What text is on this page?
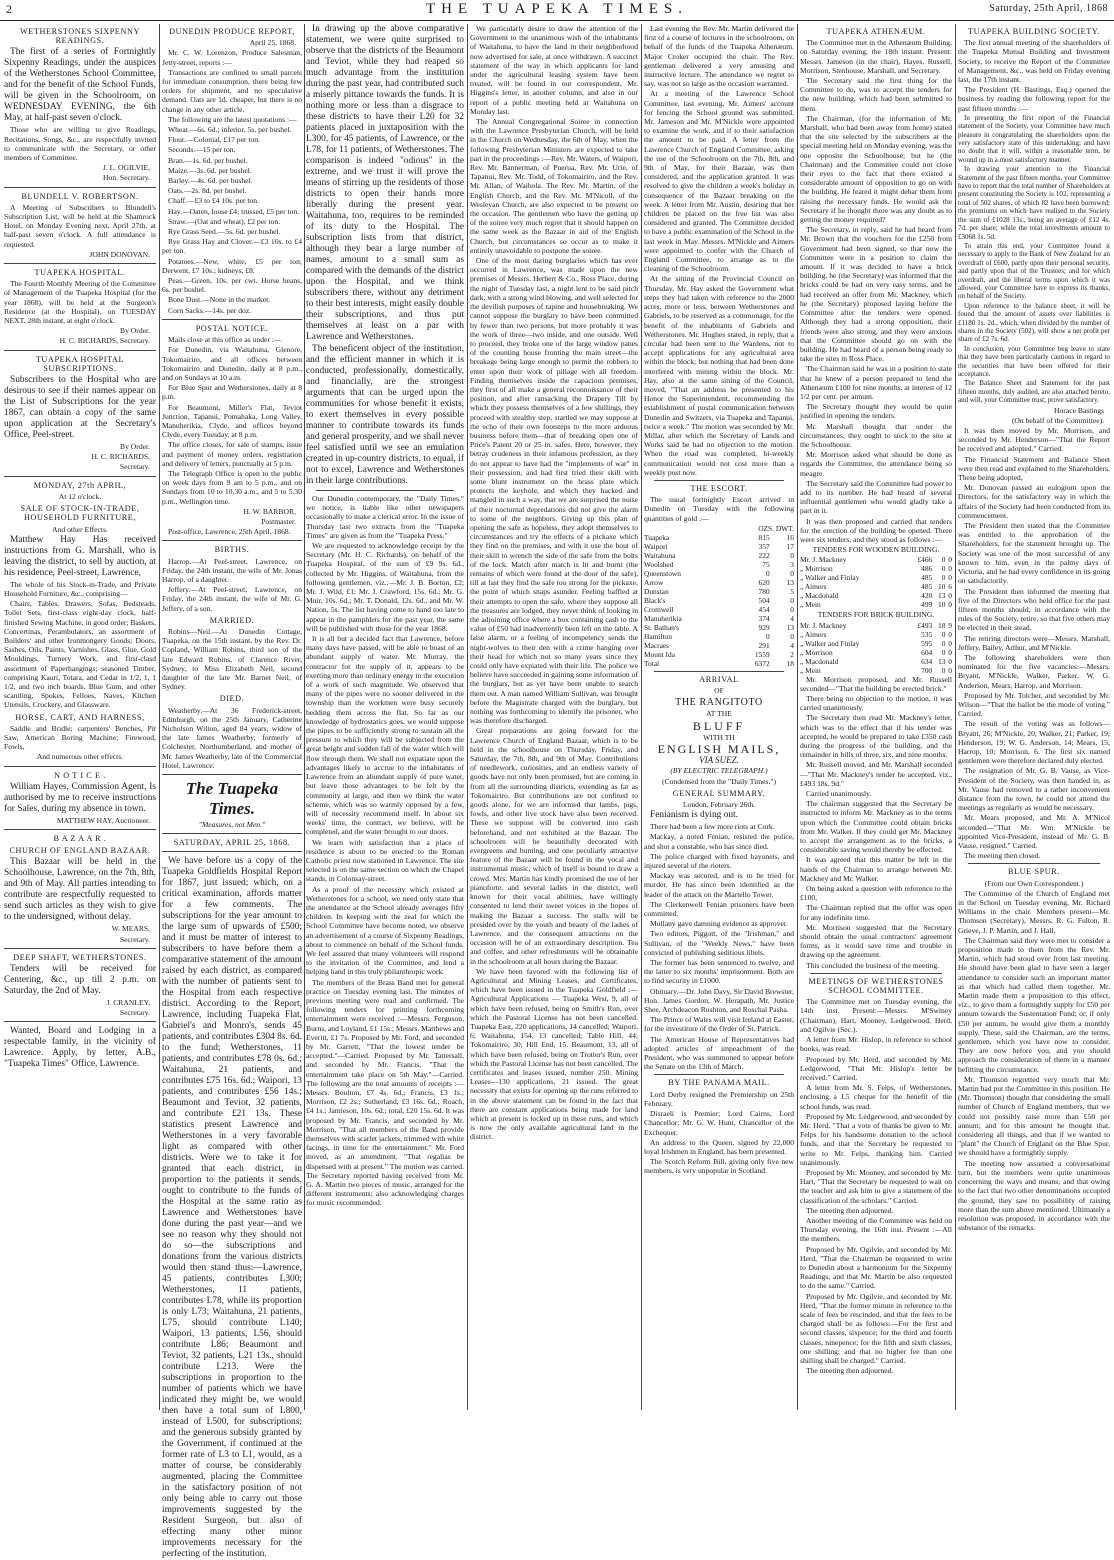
2	THE TUAPEKA TIMES.	Saturday, 25th April, 1868
WETHERSTONES SIXPENNY READINGS.

The first of a series of Fortnightly Sixpenny Readings, under the auspices of the Wetherstones School Committee, and for the benefit of the School Funds, will be given in the Schoolroom, on WEDNESDAY EVENING, the 6th May, at half-past seven o'clock.

Those who are willing to give Readings, Recitations, Songs, &c., are respectfully invited to communicate with the Secretary, or other members of Committee.

J. L. OGILVIE,
Hon. Secretary.
BLUNDELL V. ROBERTSON.

A Meeting of Subscribers to Blundell's Subscription List, will be held at the Shamrock Hotel, on Monday Evening next, April 27th, at half-past seven o'clock. A full attendance is requested.

JOHN DONOVAN.
TUAPEKA HOSPITAL.

The Fourth Monthly Meeting of the Committee of Management of the Tuapeka Hospital (for the year 1868), will be held at the Surgeon's Residence (at the Hospital), on TUESDAY NEXT, 28th instant, at eight o'clock.

By Order.
H. C. RICHARDS, Secretary.
TUAPEKA HOSPITAL SUBSCRIPTIONS.

Subscribers to the Hospital who are desirous to see if their names appear on the List of Subscriptions for the year 1867, can obtain a copy of the same upon application at the Secretary's Office, Peel-street.

By Order.
H. C. RICHARDS,
Secretary.
MONDAY, 27th APRIL,
At 12 o'clock.
SALE OF STOCK-IN-TRADE, HOUSEHOLD FURNITURE,
And other Effects.

Matthew Hay Has received instructions from G. Marshall, who is leaving the district, to sell by auction, at his residence, Peel-street, Lawrence,

The whole of his Stock-in-Trade, and Private Household Furniture, &c., comprising—

Chairs, Tables, Drawers, Sofas, Bedsteads, Toilet Sets, first-class eight-day clock, half-finished Sewing Machine, in good order; Baskets, Concertinas, Perambulators, an assortment of Builders' and other Ironmongery Goods; Doors, Sashes, Oils, Paints, Varnishes, Glass, Glue, Gold Mouldings, Turnery Work, and first-clasd assortment of Paperhangings; seasoned Timber, comprising Kauri, Totara, and Cedar in 1/2, 1, 1 1/2, and two inch boards, Blue Gum, and other scantling, Spokes, Felloes, Naves, Kitchen Utensils, Crockery, and Glassware.

HORSE, CART, AND HARNESS,

Saddle and Bridle; carpenters' Benches, Pit Saw, American Boring Machine; Firewood, Fowls,

And numerous other effects.
N O T I C E .

William Hayes, Commission Agent, Is authorised by me to receive instructions for Sales, during my absence in town.

MATTHEW HAY, Auctioneer.
B A Z A A R .
CHURCH OF ENGLAND BAZAAR.

This Bazaar will be held in the Schoolhouse, Lawrence, on the 7th, 8th, and 9th of May. All parties intending to contribute are respectfully requested to send such articles as they wish to give to the undersigned, without delay.

W. MEARS,
Secretary.
DEEP SHAFT, WETHERSTONES.

Tenders will be received for Centering, &c., up till 2 p.m. on Saturday, the 2nd of May.

J. CRANLEY,
Secretary.

Wanted, Board and Lodging in a respectable family, in the vicinity of Lawrence. Apply, by letter, A.B., "Tuapeka Times" Office, Lawrence.

DUNEDIN PRODUCE REPORT,
April 25, 1868.

Mr. C. W. Lorenzon, Produce Salesman, Jetty-street, reports :—

Transactions are confined to small parcels for immediate consumption, there being few orders for shipment, and no speculative demand. Oats are 1d. cheaper, but there is no change in any other article.

The following are the latest quotations :—

Wheat.—6s. 6d.; inferior, 5s. per bushel.

Flour.—Colonial, £17 per ton.

Seconds.—15 per ton.

Bran.—1s. 6d. per bushel.

Maize.—3s. 6d. per bushel.

Barley.—4s. 6d. per bushel.

Oats.—2s. 8d. per bushel.

Chaff.—£3 to £4 10s. per ton.

Hay.—Oaten, loose £4; trussed, £5 per ton.

Straw.—(Oat and wheat), £2 per ton.

Rye Grass Seed.—5s. 6d. per bushel.

Rye Grass Hay and Clover.—£3 10s. to £4 per ton.

Potatoes.—New, white, £5 per ton; Derwent, £7 10s.; kidneys, £8.

Peas.—Green, 10s. per cwt. Horse beans, 6s. per bushel.

Bone Dust.—None in the market.

Corn Sacks.—14s. per doz.

POSTAL NOTICE.

Mails close at this office as under :—

For Dunedin, via Waitahuna, Glenore, Tokomairiro, and all offices between Tokomairiro and Dunedin, daily at 8 p.m., and on Sundays at 10 a.m.

For Blue Spur and Wetherstones, daily at 8 p.m.

For Beaumont, Miller's Flat, Teviot Junction, Tapanui, Pomahaka, Long Valley, Manuherikia, Clyde, and offices beyond Clyde, every Tuesday, at 8 p.m.

The office closes, for sale of stamps, issue and payment of money orders, registration and delivery of letters, punctually at 5 p.m.

The Telegraph Office is open to the public on week days from 9 am to 5 p.m., and on Sundays from 10 to 10.30 a.m., and 5 to 5.30 p.m., Wellington time.

H. W. BARBOR,
Postmaster.

Post-office, Lawrence, 25th April, 1868.

BIRTHS.

Harrop.—At Peel-street, Lawrence, on Friday, the 24th instant, the wife of Mr. Jonas Harrop, of a daughter.

Jeffery.—At Peel-street, Lawrence, on Friday, the 24th instant, the wife of Mr. G. Jeffery, of a son.

MARRIED.

Robins—Neil.—At Dunedin Cottage, Tuapeka, on the 15th instant, by the Rev. Dr. Copland, William Robins, third son of the late Edward Robins, of Clarence River, Sydney, to Miss Elizabeth Neil, second daughter of the late Mr. Barnet Neil, of Sydney.

DIED.

Weatherby.—At 36 Frederick-street, Edinburgh, on the 25th January, Catherine Nicholson Wilton, aged 84 years, widow of the late James Weatherby, formerly of Colchester, Northumberland, and mother of Mr. James Weatherby, late of the Commercial Hotel, Lawrence.

The Tuapeka Times.
"Measures, not Men."
SATURDAY, APRIL 25, 1868.

We have before us a copy of the Tuapeka Goldfields Hospital Report for 1867, just issued; which, on a critical examination, affords matter for a few comments. The subscriptions for the year amount to the large sum of upwards of £500; and it must be matter of interest to subscribers to have before them a comparative statement of the amount raised by each district, as compared with the number of patients sent to the Hospital from each respective district. According to the Report, Lawrence, including Tuapeka Flat, Gabriel's and Monro's, sends 45 patients, and contributes £304 8s. 6d. to the fund; Wetherstones, 11 patients, and contributes £78 0s. 6d.; Waitahuna, 21 patients, and contributes £75 16s. 6d.; Waipori, 13 patients, and contributes £56 14s.; Beaumont and Teviot, 32 patients, and contribute £21 13s. These statistics present Lawrence and Wetherstones in a very favorable light as compared with other districts. Were we to take it for granted that each district, in proportion to the patients it sends, ought to contribute to the funds of the Hospital at the same ratio as Lawrence and Wetherstones have done during the past year—and we see no reason why they should not do so—the subscriptions and donations from the various districts would then stand thus:—Lawrence, 45 patients, contributes L300; Wetherstones, 11 patients, contributes L78, while its proportion is only L73; Waitahuna, 21 patients, L75, should contribute L140; Waipori, 13 patients, L56, should contribute L86; Beaumont and Teviot, 32 patients, L21 13s., should contribute L213. Were the subscriptions in proportion to the number of patients which we have indicated they might be, we would then have a total sum of L800, instead of L500, for subscriptions; and the generous subsidy granted by the Government, if continued at the former rate of L3 to L1, would, as a matter of course, be considerably augmented, placing the Committee in the satisfactory position of not only being able to carry out those improvements suggested by the Resident Surgeon, but also of effecting many other minor improvements necessary for the perfecting of the institution.

In drawing up the above comparative statement, we were quite surprised to observe that the districts of the Beaumont and Teviot, while they had reaped so much advantage from the institution during the past year, had contributed such a miserly pittance towards the funds. It is nothing more or less than a disgrace to these districts to have their L20 for 32 patients placed in juxtaposition with the L300, for 45 patients, of Lawrence, or the L78, for 11 patients, of Wetherstones. The comparison is indeed "odious" in the extreme, and we trust it will prove the means of stirring up the residents of those districts to open their hands more liberally during the present year. Waitahuna, too, requires to be reminded of its duty to the Hospital. The subscription lists from that district, although they bear a large number of names, amount to a small sum as compared with the demands of the district upon the Hospital, and we think subscribers there, without any detriment to their best interests, might easily double their subscriptions, and thus put themselves at least on a par with Lawrence and Wetherstones.

The beneficent object of the institution, and the efficient manner in which it is conducted, professionally, domestically, and financially, are the strongest arguments that can be urged upon the communities for whose benefit it exists, to exert themselves in every possible manner to contribute towards its funds and general prosperity, and we shall never feel satisfied until we see an emulation created in up-country districts, to equal, if not to excel, Lawrence and Wetherstones in their large contributions.

Our Dunedin contemporary, the "Daily Times," we notice, is liable like other newspapers occasionally to make a clerical error. In the issue of Thursday last two extracts from the "Tuapeka Times" are given as from the "Tuapeka Press."

We are requested to acknowledge receipt by the Secretary (Mr. H. C. Richards), on behalf of the Tuapeka Hospital, of the sum of £9 9s. 6d., collected by Mr. Higgins, of Waitahuna, from the following gentlemen, viz.:—Mr. J. B. Borton, £2; Mr. J. Wild, £1; Mr. J. Crawford, 15s. 6d.; Mr. G. Muir, 10s. 6d.; Mr. T. Donald, 12s. 6d., and Mr. W. Nation, 5s. The list having come to hand too late to appear in the pamphlets for the past year, the same will be published with those for the year 1868.

It is all but a decided fact that Lawrence, before many days have passed, will be able to boast of an abundant supply of water. Mr. Murray, the contractor for the supply of it, appears to be exerting more than ordinary energy in the execution of a work of such magnitude. We observed that many of the pipes were no sooner delivered in the township than the workmen were busy securely bedding them across the flat. So far as our knowledge of hydrostatics goes, we would suppose the pipes to be sufficiently strong to sustain all the pressure to which they will be subjected from the great height and sudden fall of the water which will flow through them. We shall not expatiate upon the advantages likely to accrue to the inhabitants of Lawrence from an abundant supply of pure water, but leave those advantages to be felt by the community at large, and then we think the water scheme, which was so warmly opposed by a few, will of necessity recommend itself. In about six weeks' time, the contract, we believe, will be completed, and the water brought to our doors.

We learn with satisfaction that a place of residence is about to be erected to the Roman Catholic priest now stationed in Lawrence. The site selected is on the same section on which the Chapel stands, in Colonsay-street.

As a proof of the necessity which existed at Wetherstones for a school, we need only state that the attendance at the School already averages fifty children. In keeping with the zeal for which the School Committee have become noted, we observe an advertisement of a course of Sixpenny Readings, about to commence on behalf of the School funds. We feel assured that many volunteers will respond to the invitation of the Committee, and lend a helping hand in this truly philanthropic work.

The members of the Brass Band met for general practice on Tuesday evening last. The minutes of previous meeting were read and confirmed. The following tenders for printing forthcoming entertainment were received :—Messrs. Ferguson, Burns, and Loyland, £1 15s.; Messrs. Matthews and Everitt, £1 7s. Proposed by Mr. Ford, and seconded by Mr. Garrett, "That the lowest tender be accepted."—Carried. Proposed by Mr. Tattersall, and seconded by Mr. Francis, "That the entertainment take place on 5th May."—Carried. The following are the total amounts of receipts :—Messrs. Boulton, £7 4s. 6d.; Francis, £3 1s.; Morrison, £2 2s.; Sutherland, £3 16s. 6d.; Roach, £4 1s.; Jamieson, 10s. 6d.; total, £20 15s. 6d. It was proposed by Mr. Francis, and seconded by Mr. Morrison, "That all members of the Band provide themselves with scarlet jackets, trimmed with white facings, in time for the entertainment." Mr. Ford moved, as an amendment, "That regalias be dispensed with at present." The motion was carried. The Secretary reported having received from Mr. G. A. Martin two pieces of music, arranged for the different instruments; also acknowledging charges for music recommended.

We particularly desire to draw the attention of the Government to the unanimous wish of the inhabitants of Waitahuna, to have the land in their neighborhood now advertised for sale, at once withdrawn. A succinct statement of the way in which applicants for land under the agricultural leasing system have been treated, will be found in our correspondent, Mr. Higgins's letter, in another column, and also in our report of a public meeting held at Waitahuna on Monday last.

The Annual Congregational Soiree in connection with the Lawrence Presbyterian Church, will be held in the Church on Wednesday, the 6th of May, when the following Presbyterian Ministers are expected to take part in the proceedings :—Rev. Mr. Waters, of Waipori, Rev. Mr. Bannerman, of Puerua, Rev. Mr. Urie, of Tapanui, Rev. Mr. Todd, of Tokomairiro, and the Rev. Mr. Allan, of Waihola. The Rev. Mr. Martin, of the English Church, and the Rev. Mr. M'Nicoll, of the Wesleyan Church, are also expected to be present on the occasion. The gentlemen who have the getting up of the soiree very much regret that it should happen on the same week as the Bazaar in aid of the English Church, but circumstances so occur as to make it entirely unavoidable to postpone the soiree.

One of the most daring burglaries which has ever occurred in Lawrence, was made upon the new premises of Messrs. Herbert & Co., Ross Place, during the night of Tuesday last, a night lent to be said pitch dark, with a strong wind blowing, and well selected for the devilish purposes of rapine and housebreaking. We cannot suppose the burglary to have been committed by fewer than two persons, but more probably it was the work of three—two inside, and one outside. Well to proceed, they broke one of the large window panes of the counting house fronting the main street—the breakage being large enough to permit the robbers to enter upon their work of pillage with all freedom. Finding themselves inside the capacious premises, they first of all make a general reconnoissance of their position, and after ransacking the Drapery Till by which they possess themselves of a few shillings, they proceed with stealthy step, startled we may suppose at the echo of their own footsteps to the more arduous business before them—that of breaking open one of Price's Patent 20 or 25 in. safes. Here, however, they betray crudeness in their infamous profession, as they do not appear to have had the "implements of war" in their possession, and had first tried their skill with some blunt instrument on the brass plate which protects the keyhole, and which they hacked and mangled in such a way, that we are surprised the noise of their nocturnal depredations did not give the alarm to some of the neighbors. Giving up this plan of opening the safe as hopeless, they adopt themselves to circumstances and try the effects of a pickaxe which they find on the premises, and with it use the bout of their skill to wrench the side of the safe from the bolts of the lock. Match after match is lit and burnt (the remains of which were found at the door of the safe), till at last they find the safe too strong for the pickaxe, the point of which snaps asunder. Feeling baffled at their attempts to open the safe, where they suppose all the treasures are lodged, they never think of looking in the adjoining office where a box containing cash to the value of £50 had inadvertently been left on the table. A false alarm, or a feeling of incompetency sends the night-wolves to their den with a crime hanging over their head for which not so many years since they could only have expiated with their life. The police we believe have succeeded in gaining some information of the burglars, but as yet have been unable to search them out. A man named William Sullivan, was brought before the Magistrate charged with the burglary, but nothing was forthcoming to identify the prisoner, who was therefore discharged.

Great preparations are going forward for the Lawrence Church of England Bazaar, which is to be held in the schoolhouse on Thursday, Friday, and Saturday, the 7th, 8th, and 9th of May. Contributions of needlework, curiosities, and an endless variety of goods have not only been promised, but are coming in from all the surrounding districts, extending as far as Tokomairiro. But contributions are not confined to goods alone, for we are informed that lambs, pigs, fowls, and other live stock have also been received. These we suppose will be converted into cash beforehand, and not exhibited at the Bazaar. The schoolroom will be beautifully decorated with evergreens and bunting, and one peculiarly attractive feature of the Bazaar will be found in the vocal and instrumental music, which of itself is bound to draw a crowd. Mrs. Martin has kindly promised the use of her pianoforte, and several ladies in the district, well known for their vocal abilities, have willingly consented to lend their sweet voices in the hopes of making the Bazaar a success. The stalls will be presided over by the youth and beauty of the ladies of Lawrence, and the consequent attractions on the occasion will be of an extraordinary description. Tea and coffee, and other refreshments will be obtainable in the schoolroom at all hours during the Bazaar.

We have been favored with the following list of Agricultural and Mining Leases, and Certificates, which have been issued in the Tuapeka Goldfield :—Agricultural Applications — Tuapeka West, 9, all of which have been refused, being on Smith's Run, over which the Pastoral License has not been cancelled. Tuapeka East, 220 applications, 14 cancelled; Waipori, 6; Waitahuna, 154, 13 cancelled; Table Hill, 44; Tokomairiro, 30; Hill End, 15. Beaumont, 13, all of which have been refused, being on Trotter's Run, over which the Pastoral License has not been cancelled. The certificates and leases issued, number 250. Mining Leases—130 applications, 21 issued. The great necessity that exists for opening up the runs referred to in the above statement can be found in the fact that there are constant applications being made for land which at present is locked up in these runs, and which is now the only available agricultural land in the district.

Last evening the Rev. Mr. Martin delivered the first of a course of lectures in the schoolroom, on behalf of the funds of the Tuapeka Athenæum. Major Croker occupied the chair. The Rev. gentleman delivered a very amusing and instructive lecture. The attendance we regret to say, was not so large as the occasion warranted.

At a meeting of the Lawrence School Committee, last evening, Mr. Aimers' account for fencing the School ground was submitted. Mr. Jameson and Mr. M'Nickle were appointed to examine the work, and if to their satisfaction the amount to be paid. A letter from the Lawrence Church of England Committee, asking the use of the Schoolroom on the 7th, 8th, and 9th of May, for their Bazaar, was then considered, and the application granted. It was resolved to give the children a week's holiday in consequence of the Bazaar breaking on the week. A letter from Mr. Austin, desiring that her children be placed on the free list was also considered and granted. The Committee decided to have a public examination of the School in the last week in May. Messrs. M'Nickle and Aimers were appointed to confer with the Church of England Committee, to arrange as to the cleaning of the Schoolroom.

At the sitting of the Provincial Council on Thursday, Mr. Hay asked the Government what steps they had taken with reference to the 2000 acres, more or less, between Wetherstones and Gabriels, to be reserved as a commonage, for the benefit of the inhabitants of Gabriels and Wetherstones. Mr. Hughes stated, in reply, that a circular had been sent to the Wardens, not to accept applications for any agricultural area within the block; but nothing that had been done interfered with mining within the block. Mr. Hay, also at the same sitting of the Council, moved, "That an address be presented to his Honor the Superintendent, recommending the establishment of postal communication between Dunedin and Switzers, via Tuapeka and Tapanui, twice a week." The motion was seconded by Mr. Millar, after which the Secretary of Lands and Works said he had no objection to the motion. When the road was completed, bi-weekly communication would not cost more than a weekly post now.

THE ESCORT.

The usual fortnightly Escort arrived in Dunedin on Tuesday with the following quantities of gold :—

	OZS. DWT.	
Tuapeka	815	16
Waipori	357	17
Waitahuna	222	0
Woolshed	75	3
Queenstown	0	0
Arrow	620	13
Dunstan	780	5
Black's	504	0
Cromwell	454	0
Manuherikia	374	4
St. Bathan's	929	13
Hamilton	0	0
Macraes	291	4
Mount Ida	1559	2
Total	6372	18
ARRIVAL
OF
THE RANGITOTO
AT THE
BLUFF
WITH TH
ENGLISH MAILS,
VIA SUEZ.
(BY ELECTRIC TELEGRAPH.)
(Condensed from the "Daily Times.")
GENERAL SUMMARY.
London, February 26th.

Fenianism is dying out.

There had been a few more riots at Cork.

Mackay, a noted Fenian, resisted the police, and shot a constable, who has since died.

The police charged with fixed bayonets, and injured several of the rioters.

Mackay was secured, and is to be tried for murder. He has since been identified as the leader of the attack on the Martello Tower.

The Clerkenwell Fenian prisoners have been committed.

Mullany gave damning evidence as approver.

Two editors, Piggott, of the "Irishman," and Sullivan, of the "Weekly News," have been convicted of publishing seditious libels.

The former has been sentenced to twelve, and the latter to six months' imprisonment. Both are to find security in £1000.

Obituary.—Dr. John Davy, Sir David Brewster, Hon. James Gordon, W. Herapath, Mr. Justice Shee, Archdeacon Rushton, and Roschal Pasha.

The Prince of Wales will visit Ireland at Easter, for the investiture of the Order of St. Patrick.

The American House of Representatives had adopted articles of impeachment of the President, who was summoned to appear before the Senate on the 13th of March.

BY THE PANAMA MAIL.

Lord Derby resigned the Premiership on 25th February.

Disraeli is Premier; Lord Cairns, Lord Chancellor; Mr. G. W. Hunt, Chancellor of the Exchequer.

An address to the Queen, signed by 22,000 loyal Irishmen in England, has been presented.

The Scotch Reform Bill, giving only five new members, is very unpopular in Scotland.

TUAPEKA ATHENÆUM.

The Committee met in the Athenæum Building, on Saturday evening, the 18th instant. Present: Messrs. Jameson (in the chair), Hayes, Russell, Morrison, Stenhouse, Marshall, and Secretary.

The Secretary said the first thing for the Committee to do, was to accept the tenders for the new building, which had been submitted to them.

The Chairman, (for the information of Mr. Marshall, who had been away from home) stated that the site selected by the subscribers at the special meeting held on Monday evening, was the one opposite the Schoolhouse; but he (the Chairman) and the Committee could not close their eyes to the fact that there existed a considerable amount of opposition to go on with the building. He feared it might debar them from raising the necessary funds. He would ask the Secretary if he thought there was any doubt as to getting the money required?

The Secretary, in reply, said he had heard from Mr. Brown that the vouchers for the £250 from Government had been signed, so that now the Committee were in a position to claim the amount. If it was decided to have a brick building, he (the Secretary) was informed that the bricks could be had on very easy terms, and he had received an offer from Mr. Mackney, which he (the Secretary) proposed laying before the Committee after the tenders were opened. Although they had a strong opposition, their friends were also strong, and they were anxious that the Committee should go on with the building. He had heard of a person being ready to take the sites in Ross Place.

The Chairman said he was in a position to state that he knew of a person prepared to lend the Athenæum £100 for nine months, at interest of 12 1/2 per cent. per annum.

The Secretary thought they would be quite justified in opening the tenders.

Mr. Marshall thought that under the circumstances, they ought to stick to the site at the Schoolhouse.

Mr. Morrison asked what should be done as regards the Committee, the attendance being so meagre.

The Secretary said the Committee had power to add to its number. He had heard of several influential gentlemen who would gladly take a part in it.

It was then proposed and carried that tenders for the erection of the building be opened. There were six tenders, and they stood as follows :—

TENDERS FOR WOODEN BUILDING.
Mr. J. Mackney	£466	0	0
„ Morrison	486	0	0
„ Walker and Finlay	485	0	0
„ Aimers	485	10	6
„ Macdonald	420	13	0
„ Mein	499	10	0
TENDERS FOR BRICK BUILDING.
Mr. J. Mackney	£493	18	9
„ Aimers	535	0	0
„ Walker and Finlay	595	0	0
„ Morrison	604	0	0
„ Macdonald	634	13	0
„ Mein	700	0	0

Mr. Morrison proposed, and Mr. Russell seconded—"That the building be erected brick."

There being no objection to the motion, it was carried unanimously.

The Secretary then read Mr. Mackney's letter, which was to the effect that if his tender was accepted, he would be prepared to take £350 cash during the progress of the building, and the remainder in bills of three, six, and nine months.

Mr. Russell moved, and Mr. Marshall seconded—"That Mr. Mackney's tender be accepted, viz., £493 18s. 9d."

Carried unanimously.

The chairman suggested that the Secretary be instructed to inform Mr. Mackney as to the terms upon which the Committee could obtain bricks from Mr. Walker. If they could get Mr. Mackney to accept the arrangement as to the bricks, a considerable saving would thereby be effected.

It was agreed that this matter be left in the hands of the Chairman to arrange between Mr. Mackney and Mr. Walker.

On being asked a question with reference to the £100,

The Chairman replied that the offer was open for any indefinite time.

Mr. Morrison suggested that the Secretary should obtain the usual contractors' agreement forms, as it would save time and trouble in drawing up the agreement.

This concluded the business of the meeting.

MEETINGS OF WETHERSTONES SCHOOL COMMITTEE.

The Committee met on Tuesday evening, the 14th inst. Present:—Messrs. M'Swiney (Chairman), Hart, Mooney, Ledgerwood, Herd, and Ogilvie (Sec.).

A letter from Mr. Hislop, in reference to school books, was read.

Proposed by Mr. Herd, and seconded by Mr. Ledgerwood, "That Mr. Hislop's letter be received." Carried.

A letter from Mr. S. Felps, of Wetherstones, enclosing a L5 cheque for the benefit of the school funds, was read.

Proposed by Mr. Ledgerwood, and seconded by Mr. Herd, "That a vote of thanks be given to Mr. Felps for his handsome donation to the school funds, and that the Secretary be requested to write to Mr. Felps, thanking him. Carried unanimously.

Proposed by Mr. Mooney, and seconded by Mr. Hart, "That the Secretary be requested to wait on the teacher and ask him to give a statement of the classification of the scholars." Carried.

The meeting then adjourned.

Another meeting of the Committee was held on Thursday evening, the 16th inst. Present :—All the members.

Proposed by Mr. Ogilvie, and seconded by Mr. Herd, "That the Chairman be requested to write to Dunedin about a harmonium for the Sixpenny Readings, and that Mr. Martin be also requested to do the same." Carried.

Proposed by Mr. Ogilvie, and seconded by Mr. Herd, "That the former minute in reference to the scale of fees be rescinded, and that the fees to be charged shall be as follows:—For the first and second classes, sixpence; for the third and fourth classes, ninepence; for the fifth and sixth classes, one shilling; and that no higher fee than one shilling shall be charged." Carried.

The meeting then adjourned.

TUAPEKA BUILDING SOCIETY.

The first annual meeting of the shareholders of the Tuapeka Mutual Building and Investment Society, to receive the Report of the Committee of Management, &c., was held on Friday evening last, the 17th instant.

The President (H. Bastings, Esq.) opened the business by reading the following report for the past fifteen months :—

In presenting the first report of the Financial statement of the Society, your Committee have much pleasure in congratulating the shareholders upon the very satisfactory state of this undertaking; and have no doubt that it will, within a reasonable term, be wound up in a most satisfactory manner.

In drawing your attention to the Financial Statement of the past fifteen months, your Committee have to report that the total number of Shareholders at present constituting the Society is 102, representing a total of 502 shares, of which 82 have been borrowed; the premiums on which have realised to the Society the sum of £1028 13s., being an average of £12 4s. 7d. per share; while the total investments amount to £3068 1s. 5d.

To attain this end, your Committee found it necessary to apply to the Bank of New Zealand for an overdraft of £600, partly upon their personal security, and partly upon that of the Trustees; and for which overdraft, and the liberal terms upon which it was allowed, your Committee have to express its thanks, on behalf of the Society.

Upon reference to the balance sheet, it will be found that the amount of assets over liabilities is £1180 1s. 2d., which, when divided by the number of shares in the Society (502), will show a net profit per share of £2 7s. 6d.

In conclusion, your Committee beg leave to state that they have been particularly cautious in regard to the securities that have been offered for their acceptance.

The Balance Sheet and Statement for the past fifteen months, duly audited, are also attached hereto, and will, your Committee trust, prove satisfactory.

Horace Bastings
(On behalf of the Committee).

It was then moved by Mr. Morrison, and seconded by Mr. Henderson—"That the Report be received and adopted." Carried.

The Financial Statement and Balance Sheet were then read and explained to the Shareholders. These being adopted,

Mr. Donovan passed an eulogium upon the Directors, for the satisfactory way in which the affairs of the Society had been conducted from its commencement.

The President then stated that the Committee was entitled to the approbation of the Shareholders, for the statement brought up. The Society was one of the most successful of any known to him, even in the palmy days of Victoria, and he had every confidence in its going on satisfactorily.

The President then informed the meeting that five of the Directors who held office for the past fifteen months should, in accordance with the rules of the Society, retire, so that five others may be elected in their stead.

The retiring directors were—Messrs. Marshall, Jeffery, Bailey, Arthur, and M'Nickle.

The following shareholders were then nominated for the five vacancies:—Messrs. Bryant, M'Nickle, Walker, Parker, W. G. Anderson, Mears, Harrop, and Morrison.

Proposed by Mr. Tolcher, and seconded by Mr. Wilson—"That the ballot be the mode of voting." Carried.

The result of the voting was as follows—Bryant, 26; M'Nickle, 20; Walker, 21; Parker, 19; Henderson, 19; W. G. Anderson, 14; Mears, 15; Harrop, 10; Morrison, 6. The first six named gentlemen were therefore declared duly elected.

The resignation of Mr. G. B. Vause, as Vice-President of the Society, was then handed in, as Mr. Vause had removed to a rather inconvenient distance from the town, he could not attend the meetings as regularly as would be necessary.

Mr. Mears proposed, and Mr. A. M'Nicol seconded—"That Mr. Wm. M'Nickle be appointed Vice-President, instead of Mr. G. B. Vause, resigned." Carried.

The meeting then closed.

BLUE SPUR.
(From our Own Correspondent.)

The Committee of the Church of England met in the School on Tuesday evening, Mr. Richard Williams in the chair. Members present—Mr. Thomson (Secretary), Messrs. R. G. Fulton, R. Grieve, J. P. Martin, and J. Hall.

The Chairman said they were met to consider a proposition made to them from the Rev. Mr. Martin, which had stood over from last meeting. He should have been glad to have seen a larger attendance to consider such an important matter as that which had called them together. Mr. Martin made them a proposition to this effect, viz., to give them a fortnightly supply for £50 per annum towards the Sustentation Fund; or, if only £50 per annum, he would give them a monthly supply. These, said the Chairman, are the terms, gentlemen, which you have now to consider. They are now before you, and you should approach the consideration of them in a manner befitting the circumstance.

Mr. Thomson regretted very much that Mr. Martin had put the Committee in this position. He (Mr. Thomson) thought that considering the small number of Church of England members, that we could not possibly raise more than £50 per annum; and for this amount he thought that, considering all things, and that if we wanted to "plant" the Church of England on the Blue Spur, we should have a fortnightly supply.

The meeting now assumed a conversational turn, but the members were quite unanimous concerning the ways and means; and that owing to the fact that two other denominations occupied the ground, they saw no possibility of raising more than the sum above mentioned. Ultimately a resolution was proposed, in accordance with the substance of the remarks.
